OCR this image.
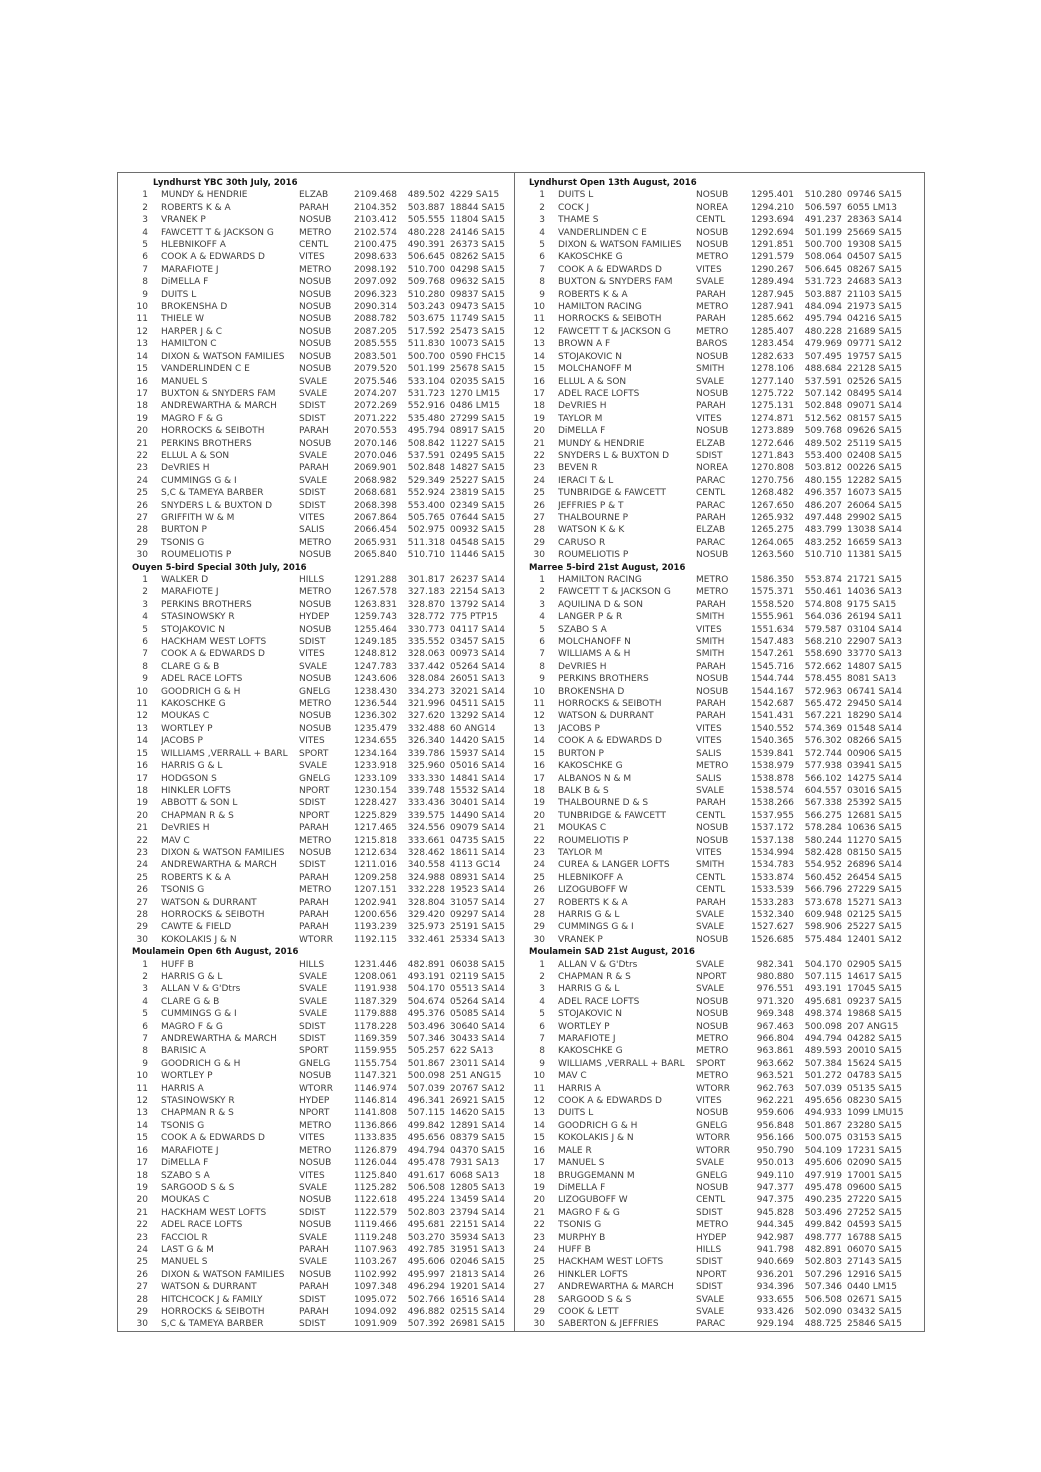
Lyndhurst YBC 30th July, 2016
1 MUNDY & HENDRIE	ELZAB	2109.468	489.502 4229 SA15
2 ROBERTS K & A	PARAH	2104.352	503.887 18844 SA15
3 VRANEK P	NOSUB	2103.412	505.555 11804 SA15
4 FAWCETT T & JACKSON G	METRO	2102.574	480.228 24146 SA15
5 HLEBNIKOFF A	CENTL	2100.475	490.391 26373 SA15
6 COOK A & EDWARDS D	VITES	2098.633	506.645 08262 SA15
7 MARAFIOTE J	METRO	2098.192	510.700 04298 SA15
8 DiMELLA F	NOSUB	2097.092	509.768 09632 SA15
9 DUITS L	NOSUB	2096.323	510.280 09837 SA15
10 BROKENSHA D	NOSUB	2090.314	503.243 09473 SA15
11 THIELE W	NOSUB	2088.782	503.675 11749 SA15
12 HARPER J & C	NOSUB	2087.205	517.592 25473 SA15
13 HAMILTON C	NOSUB	2085.555	511.830 10073 SA15
14 DIXON & WATSON FAMILIES	NOSUB	2083.501	500.700 0590 FHC15
15 VANDERLINDEN C E	NOSUB	2079.520	501.199 25678 SA15
16 MANUEL S	SVALE	2075.546	533.104 02035 SA15
17 BUXTON & SNYDERS FAM	SVALE	2074.207	531.723 1270 LM15
18 ANDREWARTHA & MARCH	SDIST	2072.269	552.916 0486 LM15
19 MAGRO F & G	SDIST	2071.222	535.480 27299 SA15
20 HORROCKS & SEIBOTH	PARAH	2070.553	495.794 08917 SA15
21 PERKINS BROTHERS	NOSUB	2070.146	508.842 11227 SA15
22 ELLUL A & SON	SVALE	2070.046	537.591 02495 SA15
23 DeVRIES H	PARAH	2069.901	502.848 14827 SA15
24 CUMMINGS G & I	SVALE	2068.982	529.349 25227 SA15
25 S,C & TAMEYA BARBER	SDIST	2068.681	552.924 23819 SA15
26 SNYDERS L & BUXTON D	SDIST	2068.398	553.400 02349 SA15
27 GRIFFITH W & M	VITES	2067.864	505.765 07644 SA15
28 BURTON P	SALIS	2066.454	502.975 00932 SA15
29 TSONIS G	METRO	2065.931	511.318 04548 SA15
30 ROUMELIOTIS P	NOSUB	2065.840	510.710 11446 SA15
Ouyen 5-bird Special 30th July, 2016
1 WALKER D	HILLS	1291.288	301.817 26237 SA14
2 MARAFIOTE J	METRO	1267.578	327.183 22154 SA13
3 PERKINS BROTHERS	NOSUB	1263.831	328.870 13792 SA14
4 STASINOWSKY R	HYDEP	1259.743	328.772 775 PTP15
5 STOJAKOVIC N	NOSUB	1255.464	330.773 04117 SA14
6 HACKHAM WEST LOFTS	SDIST	1249.185	335.552 03457 SA15
7 COOK A & EDWARDS D	VITES	1248.812	328.063 00973 SA14
8 CLARE G & B	SVALE	1247.783	337.442 05264 SA14
9 ADEL RACE LOFTS	NOSUB	1243.606	328.084 26051 SA13
10 GOODRICH G & H	GNELG	1238.430	334.273 32021 SA14
11 KAKOSCHKE G	METRO	1236.544	321.996 04511 SA15
12 MOUKAS C	NOSUB	1236.302	327.620 13292 SA14
13 WORTLEY P	NOSUB	1235.479	332.488 60 ANG14
14 JACOBS P	VITES	1234.655	326.340 14420 SA15
15 WILLIAMS ,VERRALL + BARL	SPORT	1234.164	339.786 15937 SA14
16 HARRIS G & L	SVALE	1233.918	325.960 05016 SA14
17 HODGSON S	GNELG	1233.109	333.330 14841 SA14
18 HINKLER LOFTS	NPORT	1230.154	339.748 15532 SA14
19 ABBOTT & SON L	SDIST	1228.427	333.436 30401 SA14
20 CHAPMAN R & S	NPORT	1225.829	339.575 14490 SA14
21 DeVRIES H	PARAH	1217.465	324.556 09079 SA14
22 MAV C	METRO	1215.818	333.661 04735 SA15
23 DIXON & WATSON FAMILIES	NOSUB	1212.634	328.462 18611 SA14
24 ANDREWARTHA & MARCH	SDIST	1211.016	340.558 4113 GC14
25 ROBERTS K & A	PARAH	1209.258	324.988 08931 SA14
26 TSONIS G	METRO	1207.151	332.228 19523 SA14
27 WATSON & DURRANT	PARAH	1202.941	328.804 31057 SA14
28 HORROCKS & SEIBOTH	PARAH	1200.656	329.420 09297 SA14
29 CAWTE & FIELD	PARAH	1193.239	325.973 25191 SA15
30 KOKOLAKIS J & N	WTORR	1192.115	332.461 25334 SA13
Moulamein Open 6th August, 2016
1 HUFF B	HILLS	1231.446	482.891 06038 SA15
2 HARRIS G & L	SVALE	1208.061	493.191 02119 SA15
3 ALLAN V & G'Dtrs	SVALE	1191.938	504.170 05513 SA14
4 CLARE G & B	SVALE	1187.329	504.674 05264 SA14
5 CUMMINGS G & I	SVALE	1179.888	495.376 05085 SA14
6 MAGRO F & G	SDIST	1178.228	503.496 30640 SA14
7 ANDREWARTHA & MARCH	SDIST	1169.359	507.346 30433 SA14
8 BARISIC A	SPORT	1159.955	505.257 622 SA13
9 GOODRICH G & H	GNELG	1155.754	501.867 23011 SA14
10 WORTLEY P	NOSUB	1147.321	500.098 251 ANG15
11 HARRIS A	WTORR	1146.974	507.039 20767 SA12
12 STASINOWSKY R	HYDEP	1146.814	496.341 26921 SA15
13 CHAPMAN R & S	NPORT	1141.808	507.115 14620 SA15
14 TSONIS G	METRO	1136.866	499.842 12891 SA14
15 COOK A & EDWARDS D	VITES	1133.835	495.656 08379 SA15
16 MARAFIOTE J	METRO	1126.879	494.794 04370 SA15
17 DiMELLA F	NOSUB	1126.044	495.478 7931 SA13
18 SZABO S A	VITES	1125.840	491.617 6068 SA13
19 SARGOOD S & S	SVALE	1125.282	506.508 12805 SA13
20 MOUKAS C	NOSUB	1122.618	495.224 13459 SA14
21 HACKHAM WEST LOFTS	SDIST	1122.579	502.803 23794 SA14
22 ADEL RACE LOFTS	NOSUB	1119.466	495.681 22151 SA14
23 FACCIOL R	SVALE	1119.248	503.270 35934 SA13
24 LAST G & M	PARAH	1107.963	492.785 31951 SA13
25 MANUEL S	SVALE	1103.267	495.606 02046 SA15
26 DIXON & WATSON FAMILIES	NOSUB	1102.992	495.997 21813 SA14
27 WATSON & DURRANT	PARAH	1097.348	496.294 19201 SA14
28 HITCHCOCK J & FAMILY	SDIST	1095.072	502.766 16516 SA14
29 HORROCKS & SEIBOTH	PARAH	1094.092	496.882 02515 SA14
30 S,C & TAMEYA BARBER	SDIST	1091.909	507.392 26981 SA15
Lyndhurst Open 13th August, 2016
1 DUITS L	NOSUB	1295.401	510.280 09746 SA15
2 COCK J	NOREA	1294.210	506.597 6055 LM13
3 THAME S	CENTL	1293.694	491.237 28363 SA14
4 VANDERLINDEN C E	NOSUB	1292.694	501.199 25669 SA15
5 DIXON & WATSON FAMILIES	NOSUB	1291.851	500.700 19308 SA15
6 KAKOSCHKE G	METRO	1291.579	508.064 04507 SA15
7 COOK A & EDWARDS D	VITES	1290.267	506.645 08267 SA15
8 BUXTON & SNYDERS FAM	SVALE	1289.494	531.723 24683 SA13
9 ROBERTS K & A	PARAH	1287.945	503.887 21103 SA15
10 HAMILTON RACING	METRO	1287.941	484.094 21973 SA15
11 HORROCKS & SEIBOTH	PARAH	1285.662	495.794 04216 SA15
12 FAWCETT T & JACKSON G	METRO	1285.407	480.228 21689 SA15
13 BROWN A F	BAROS	1283.454	479.969 09771 SA12
14 STOJAKOVIC N	NOSUB	1282.633	507.495 19757 SA15
15 MOLCHANOFF M	SMITH	1278.106	488.684 22128 SA15
16 ELLUL A & SON	SVALE	1277.140	537.591 02526 SA15
17 ADEL RACE LOFTS	NOSUB	1275.722	507.142 08495 SA14
18 DeVRIES H	PARAH	1275.131	502.848 09071 SA14
19 TAYLOR M	VITES	1274.871	512.562 08157 SA15
20 DiMELLA F	NOSUB	1273.889	509.768 09626 SA15
21 MUNDY & HENDRIE	ELZAB	1272.646	489.502 25119 SA15
22 SNYDERS L & BUXTON D	SDIST	1271.843	553.400 02408 SA15
23 BEVEN R	NOREA	1270.808	503.812 00226 SA15
24 IERACI T & L	PARAC	1270.756	480.155 12282 SA15
25 TUNBRIDGE & FAWCETT	CENTL	1268.482	496.357 16073 SA15
26 JEFFRIES P & T	PARAC	1267.650	486.207 26064 SA15
27 THALBOURNE P	PARAH	1265.932	497.448 29902 SA15
28 WATSON K & K	ELZAB	1265.275	483.799 13038 SA14
29 CARUSO R	PARAC	1264.065	483.252 16659 SA13
30 ROUMELIOTIS P	NOSUB	1263.560	510.710 11381 SA15
Marree 5-bird 21st August, 2016
1 HAMILTON RACING	METRO	1586.350	553.874 21721 SA15
2 FAWCETT T & JACKSON G	METRO	1575.371	550.461 14036 SA13
3 AQUILINA D & SON	PARAH	1558.520	574.808 9175 SA15
4 LANGER P & R	SMITH	1555.961	564.036 26194 SA11
5 SZABO S A	VITES	1551.634	579.587 03104 SA14
6 MOLCHANOFF N	SMITH	1547.483	568.210 22907 SA13
7 WILLIAMS A & H	SMITH	1547.261	558.690 33770 SA13
8 DeVRIES H	PARAH	1545.716	572.662 14807 SA15
9 PERKINS BROTHERS	NOSUB	1544.744	578.455 8081 SA13
10 BROKENSHA D	NOSUB	1544.167	572.963 06741 SA14
11 HORROCKS & SEIBOTH	PARAH	1542.687	565.472 29450 SA14
12 WATSON & DURRANT	PARAH	1541.431	567.221 18290 SA14
13 JACOBS P	VITES	1540.552	574.369 01548 SA14
14 COOK A & EDWARDS D	VITES	1540.365	576.302 08266 SA15
15 BURTON P	SALIS	1539.841	572.744 00906 SA15
16 KAKOSCHKE G	METRO	1538.979	577.938 03941 SA15
17 ALBANOS N & M	SALIS	1538.878	566.102 14275 SA14
18 BALK B & S	SVALE	1538.574	604.557 03016 SA15
19 THALBOURNE D & S	PARAH	1538.266	567.338 25392 SA15
20 TUNBRIDGE & FAWCETT	CENTL	1537.955	566.275 12681 SA15
21 MOUKAS C	NOSUB	1537.172	578.284 10636 SA15
22 ROUMELIOTIS P	NOSUB	1537.138	580.244 11270 SA15
23 TAYLOR M	VITES	1534.994	582.428 08150 SA15
24 CUREA & LANGER LOFTS	SMITH	1534.783	554.952 26896 SA14
25 HLEBNIKOFF A	CENTL	1533.874	560.452 26454 SA15
26 LIZOGUBOFF W	CENTL	1533.539	566.796 27229 SA15
27 ROBERTS K & A	PARAH	1533.283	573.678 15271 SA13
28 HARRIS G & L	SVALE	1532.340	609.948 02125 SA15
29 CUMMINGS G & I	SVALE	1527.627	598.906 25227 SA15
30 VRANEK P	NOSUB	1526.685	575.484 12401 SA12
Moulamein SAD 21st August, 2016
1 ALLAN V & G'Dtrs	SVALE	982.341	504.170 02905 SA15
2 CHAPMAN R & S	NPORT	980.880	507.115 14617 SA15
3 HARRIS G & L	SVALE	976.551	493.191 17045 SA15
4 ADEL RACE LOFTS	NOSUB	971.320	495.681 09237 SA15
5 STOJAKOVIC N	NOSUB	969.348	498.374 19868 SA15
6 WORTLEY P	NOSUB	967.463	500.098 207 ANG15
7 MARAFIOTE J	METRO	966.804	494.794 04282 SA15
8 KAKOSCHKE G	METRO	963.861	489.593 20010 SA15
9 WILLIAMS ,VERRALL + BARL	SPORT	963.662	507.384 15624 SA15
10 MAV C	METRO	963.521	501.272 04783 SA15
11 HARRIS A	WTORR	962.763	507.039 05135 SA15
12 COOK A & EDWARDS D	VITES	962.221	495.656 08230 SA15
13 DUITS L	NOSUB	959.606	494.933 1099 LMU15
14 GOODRICH G & H	GNELG	956.848	501.867 23280 SA15
15 KOKOLAKIS J & N	WTORR	956.166	500.075 03153 SA15
16 MALE R	WTORR	950.790	504.109 17231 SA15
17 MANUEL S	SVALE	950.013	495.606 02090 SA15
18 BRUGGEMANN M	GNELG	949.110	497.919 17001 SA15
19 DiMELLA F	NOSUB	947.377	495.478 09600 SA15
20 LIZOGUBOFF W	CENTL	947.375	490.235 27220 SA15
21 MAGRO F & G	SDIST	945.828	503.496 27252 SA15
22 TSONIS G	METRO	944.345	499.842 04593 SA15
23 MURPHY B	HYDEP	942.987	498.777 16788 SA15
24 HUFF B	HILLS	941.798	482.891 06070 SA15
25 HACKHAM WEST LOFTS	SDIST	940.669	502.803 27143 SA15
26 HINKLER LOFTS	NPORT	936.201	507.296 12916 SA15
27 ANDREWARTHA & MARCH	SDIST	934.396	507.346 0440 LM15
28 SARGOOD S & S	SVALE	933.655	506.508 02671 SA15
29 COOK & LETT	SVALE	933.426	502.090 03432 SA15
30 SABERTON & JEFFRIES	PARAC	929.194	488.725 25846 SA15
